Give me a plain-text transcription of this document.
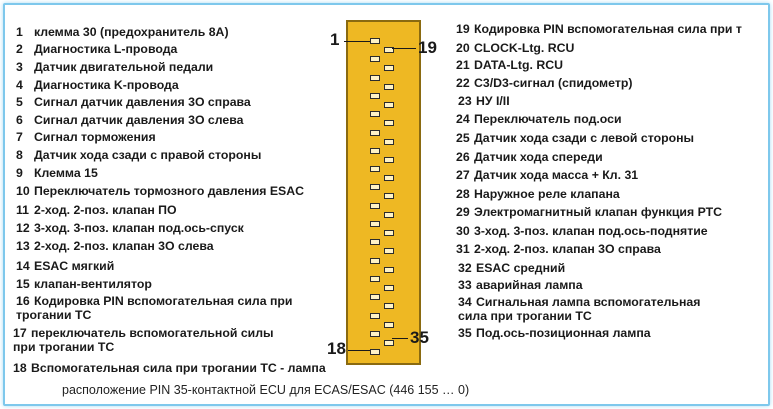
1 клемма 30 (предохранитель 8A)
2 Диагностика L-провода
3 Датчик двигательной педали
4 Диагностика K-провода
5 Сигнал датчик давления 3О справа
6 Сигнал датчик давления 3О слева
7 Сигнал торможения
8 Датчик хода сзади с правой стороны
9 Клемма 15
10 Переключатель тормозного давления ESAC
11 2-ход. 2-поз. клапан ПО
12 3-ход. 3-поз. клапан под.ось-спуск
13 2-ход. 2-поз. клапан 3О слева
14 ESAC мягкий
15 клапан-вентилятор
16 Кодировка PIN вспомогательная сила при
трогании ТС
17 переключатель вспомогательной силы
при трогании ТС
18 Вспомогательная сила при трогании ТС - лампа
19 Кодировка PIN вспомогательная сила при т
20 CLOCK-Ltg. RCU
21 DATA-Ltg. RCU
22 C3/D3-сигнал (спидометр)
23 НУ I/II
24 Переключатель под.оси
25 Датчик хода сзади с левой стороны
26 Датчик хода спереди
27 Датчик хода масса + Кл. 31
28 Наружное реле клапана
29 Электромагнитный клапан функция РТС
30 3-ход. 3-поз. клапан под.ось-поднятие
31 2-ход. 2-поз. клапан 3О справа
32 ESAC средний
33 аварийная лампа
34 Сигнальная лампа вспомогательная
сила при трогании ТС
35 Под.ось-позиционная лампа
1	19
18
35
расположение PIN 35-контактной ECU для ECAS/ESAC (446 155 … 0)
